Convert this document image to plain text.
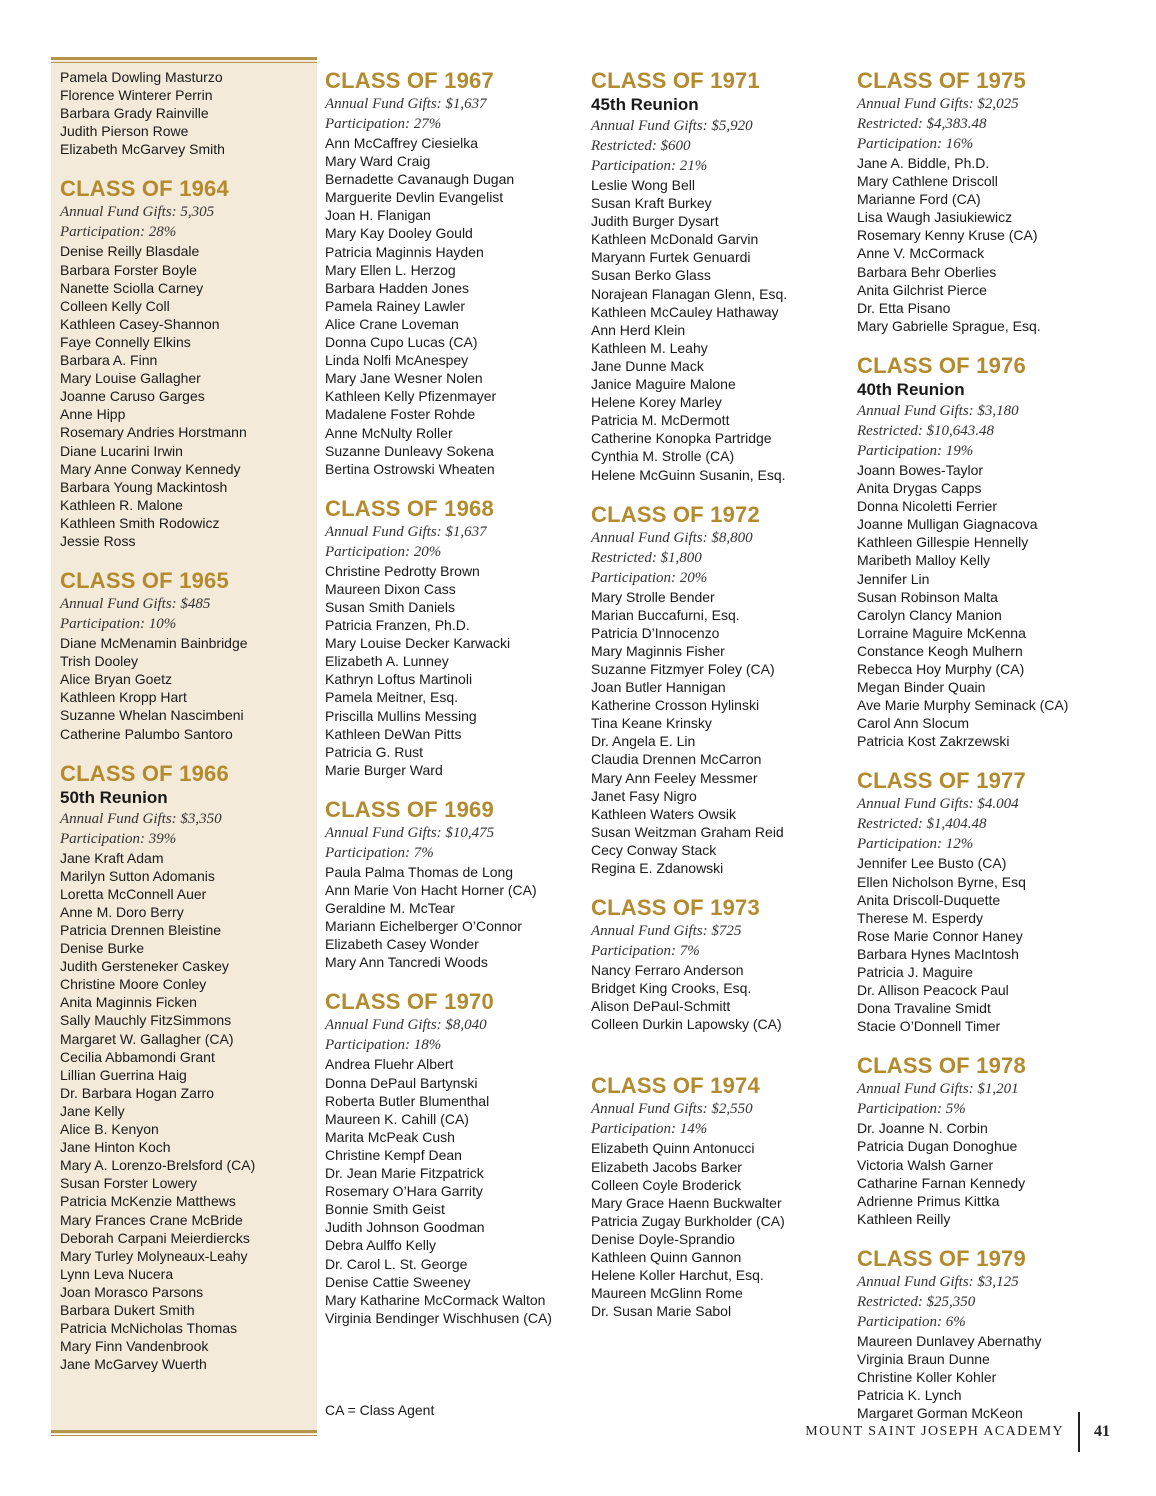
Pamela Dowling Masturzo
Florence Winterer Perrin
Barbara Grady Rainville
Judith Pierson Rowe
Elizabeth McGarvey Smith
CLASS OF 1964
Annual Fund Gifts: 5,305
Participation: 28%
Denise Reilly Blasdale
Barbara Forster Boyle
Nanette Sciolla Carney
Colleen Kelly Coll
Kathleen Casey-Shannon
Faye Connelly Elkins
Barbara A. Finn
Mary Louise Gallagher
Joanne Caruso Garges
Anne Hipp
Rosemary Andries Horstmann
Diane Lucarini Irwin
Mary Anne Conway Kennedy
Barbara Young Mackintosh
Kathleen R. Malone
Kathleen Smith Rodowicz
Jessie Ross
CLASS OF 1965
Annual Fund Gifts: $485
Participation: 10%
Diane McMenamin Bainbridge
Trish Dooley
Alice Bryan Goetz
Kathleen Kropp Hart
Suzanne Whelan Nascimbeni
Catherine Palumbo Santoro
CLASS OF 1966
50th Reunion
Annual Fund Gifts: $3,350
Participation: 39%
Jane Kraft Adam
Marilyn Sutton Adomanis
Loretta McConnell Auer
Anne M. Doro Berry
Patricia Drennen Bleistine
Denise Burke
Judith Gersteneker Caskey
Christine Moore Conley
Anita Maginnis Ficken
Sally Mauchly FitzSimmons
Margaret W. Gallagher (CA)
Cecilia Abbamondi Grant
Lillian Guerrina Haig
Dr. Barbara Hogan Zarro
Jane Kelly
Alice B. Kenyon
Jane Hinton Koch
Mary A. Lorenzo-Brelsford (CA)
Susan Forster Lowery
Patricia McKenzie Matthews
Mary Frances Crane McBride
Deborah Carpani Meierdiercks
Mary Turley Molyneaux-Leahy
Lynn Leva Nucera
Joan Morasco Parsons
Barbara Dukert Smith
Patricia McNicholas Thomas
Mary Finn Vandenbrook
Jane McGarvey Wuerth
CLASS OF 1967
Annual Fund Gifts: $1,637
Participation: 27%
Ann McCaffrey Ciesielka
Mary Ward Craig
Bernadette Cavanaugh Dugan
Marguerite Devlin Evangelist
Joan H. Flanigan
Mary Kay Dooley Gould
Patricia Maginnis Hayden
Mary Ellen L. Herzog
Barbara Hadden Jones
Pamela Rainey Lawler
Alice Crane Loveman
Donna Cupo Lucas (CA)
Linda Nolfi McAnespey
Mary Jane Wesner Nolen
Kathleen Kelly Pfizenmayer
Madalene Foster Rohde
Anne McNulty Roller
Suzanne Dunleavy Sokena
Bertina Ostrowski Wheaten
CLASS OF 1968
Annual Fund Gifts: $1,637
Participation: 20%
Christine Pedrotty Brown
Maureen Dixon Cass
Susan Smith Daniels
Patricia Franzen, Ph.D.
Mary Louise Decker Karwacki
Elizabeth A. Lunney
Kathryn Loftus Martinoli
Pamela Meitner, Esq.
Priscilla Mullins Messing
Kathleen DeWan Pitts
Patricia G. Rust
Marie Burger Ward
CLASS OF 1969
Annual Fund Gifts: $10,475
Participation: 7%
Paula Palma Thomas de Long
Ann Marie Von Hacht Horner (CA)
Geraldine M. McTear
Mariann Eichelberger O’Connor
Elizabeth Casey Wonder
Mary Ann Tancredi Woods
CLASS OF 1970
Annual Fund Gifts: $8,040
Participation: 18%
Andrea Fluehr Albert
Donna DePaul Bartynski
Roberta Butler Blumenthal
Maureen K. Cahill (CA)
Marita McPeak Cush
Christine Kempf Dean
Dr. Jean Marie Fitzpatrick
Rosemary O’Hara Garrity
Bonnie Smith Geist
Judith Johnson Goodman
Debra Aulffo Kelly
Dr. Carol L. St. George
Denise Cattie Sweeney
Mary Katharine McCormack Walton
Virginia Bendinger Wischhusen (CA)
CLASS OF 1971
45th Reunion
Annual Fund Gifts: $5,920
Restricted: $600
Participation: 21%
Leslie Wong Bell
Susan Kraft Burkey
Judith Burger Dysart
Kathleen McDonald Garvin
Maryann Furtek Genuardi
Susan Berko Glass
Norajean Flanagan Glenn, Esq.
Kathleen McCauley Hathaway
Ann Herd Klein
Kathleen M. Leahy
Jane Dunne Mack
Janice Maguire Malone
Helene Korey Marley
Patricia M. McDermott
Catherine Konopka Partridge
Cynthia M. Strolle (CA)
Helene McGuinn Susanin, Esq.
CLASS OF 1972
Annual Fund Gifts: $8,800
Restricted: $1,800
Participation: 20%
Mary Strolle Bender
Marian Buccafurni, Esq.
Patricia D’Innocenzo
Mary Maginnis Fisher
Suzanne Fitzmyer Foley (CA)
Joan Butler Hannigan
Katherine Crosson Hylinski
Tina Keane Krinsky
Dr. Angela E. Lin
Claudia Drennen McCarron
Mary Ann Feeley Messmer
Janet Fasy Nigro
Kathleen Waters Owsik
Susan Weitzman Graham Reid
Cecy Conway Stack
Regina E. Zdanowski
CLASS OF 1973
Annual Fund Gifts: $725
Participation: 7%
Nancy Ferraro Anderson
Bridget King Crooks, Esq.
Alison DePaul-Schmitt
Colleen Durkin Lapowsky (CA)
CLASS OF 1974
Annual Fund Gifts: $2,550
Participation: 14%
Elizabeth Quinn Antonucci
Elizabeth Jacobs Barker
Colleen Coyle Broderick
Mary Grace Haenn Buckwalter
Patricia Zugay Burkholder (CA)
Denise Doyle-Sprandio
Kathleen Quinn Gannon
Helene Koller Harchut, Esq.
Maureen McGlinn Rome
Dr. Susan Marie Sabol
CLASS OF 1975
Annual Fund Gifts: $2,025
Restricted: $4,383.48
Participation: 16%
Jane A. Biddle, Ph.D.
Mary Cathlene Driscoll
Marianne Ford (CA)
Lisa Waugh Jasiukiewicz
Rosemary Kenny Kruse (CA)
Anne V. McCormack
Barbara Behr Oberlies
Anita Gilchrist Pierce
Dr. Etta Pisano
Mary Gabrielle Sprague, Esq.
CLASS OF 1976
40th Reunion
Annual Fund Gifts: $3,180
Restricted: $10,643.48
Participation: 19%
Joann Bowes-Taylor
Anita Drygas Capps
Donna Nicoletti Ferrier
Joanne Mulligan Giagnacova
Kathleen Gillespie Hennelly
Maribeth Malloy Kelly
Jennifer Lin
Susan Robinson Malta
Carolyn Clancy Manion
Lorraine Maguire McKenna
Constance Keogh Mulhern
Rebecca Hoy Murphy (CA)
Megan Binder Quain
Ave Marie Murphy Seminack (CA)
Carol Ann Slocum
Patricia Kost Zakrzewski
CLASS OF 1977
Annual Fund Gifts: $4.004
Restricted: $1,404.48
Participation: 12%
Jennifer Lee Busto (CA)
Ellen Nicholson Byrne, Esq
Anita Driscoll-Duquette
Therese M. Esperdy
Rose Marie Connor Haney
Barbara Hynes MacIntosh
Patricia J. Maguire
Dr. Allison Peacock Paul
Dona Travaline Smidt
Stacie O’Donnell Timer
CLASS OF 1978
Annual Fund Gifts: $1,201
Participation: 5%
Dr. Joanne N. Corbin
Patricia Dugan Donoghue
Victoria Walsh Garner
Catharine Farnan Kennedy
Adrienne Primus Kittka
Kathleen Reilly
CLASS OF 1979
Annual Fund Gifts: $3,125
Restricted: $25,350
Participation: 6%
Maureen Dunlavey Abernathy
Virginia Braun Dunne
Christine Koller Kohler
Patricia K. Lynch
Margaret Gorman McKeon
CA = Class Agent
MOUNT SAINT JOSEPH ACADEMY	41
